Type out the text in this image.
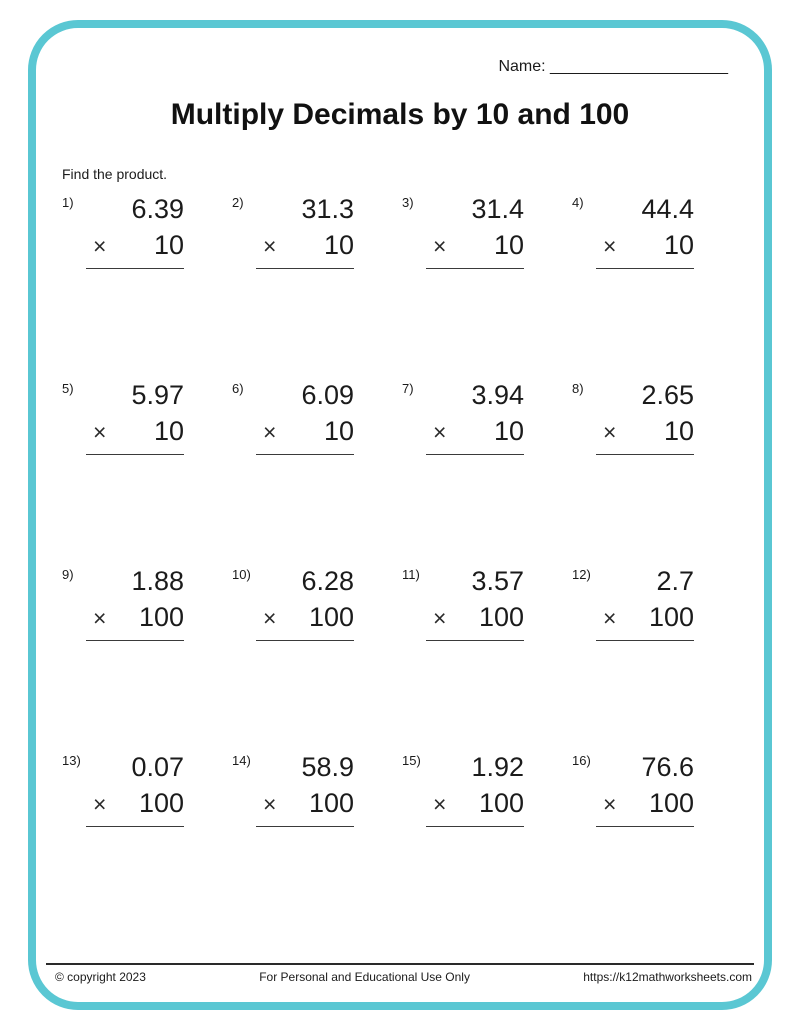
Name: ____________________
Multiply Decimals by 10 and 100
Find the product.
1)	6.39
× 10
2)	31.3
× 10
3)	31.4
× 10
4)	44.4
× 10
5)	5.97
× 10
6)	6.09
× 10
7)	3.94
× 10
8)	2.65
× 10
9)	1.88
× 100
10)	6.28
× 100
11)	3.57
× 100
12)	2.7
× 100
13)	0.07
× 100
14)	58.9
× 100
15)	1.92
× 100
16)	76.6
× 100
© copyright 2023	For Personal and Educational Use Only	https://k12mathworksheets.com
